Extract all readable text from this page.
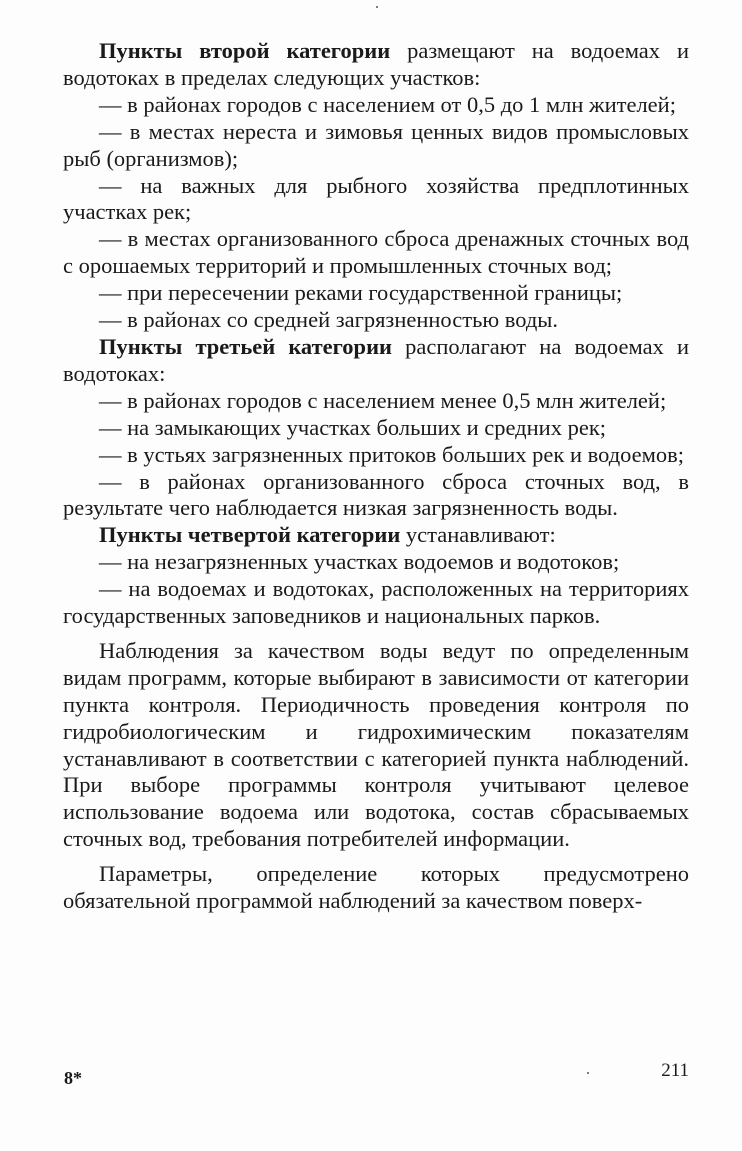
Пункты второй категории размещают на водоемах и водотоках в пределах следующих участков:

— в районах городов с населением от 0,5 до 1 млн жителей;

— в местах нереста и зимовья ценных видов промысловых рыб (организмов);

— на важных для рыбного хозяйства предплотинных участках рек;

— в местах организованного сброса дренажных сточных вод с орошаемых территорий и промышленных сточных вод;

— при пересечении реками государственной границы;

— в районах со средней загрязненностью воды.

Пункты третьей категории располагают на водоемах и водотоках:

— в районах городов с населением менее 0,5 млн жителей;

— на замыкающих участках больших и средних рек;

— в устьях загрязненных притоков больших рек и водоемов;

— в районах организованного сброса сточных вод, в результате чего наблюдается низкая загрязненность воды.

Пункты четвертой категории устанавливают:

— на незагрязненных участках водоемов и водотоков;

— на водоемах и водотоках, расположенных на территориях государственных заповедников и национальных парков.

Наблюдения за качеством воды ведут по определенным видам программ, которые выбирают в зависимости от категории пункта контроля. Периодичность проведения контроля по гидробиологическим и гидрохимическим показателям устанавливают в соответствии с категорией пункта наблюдений. При выборе программы контроля учитывают целевое использование водоема или водотока, состав сбрасываемых сточных вод, требования потребителей информации.

Параметры, определение которых предусмотрено обязательной программой наблюдений за качеством поверх-

8*	211
